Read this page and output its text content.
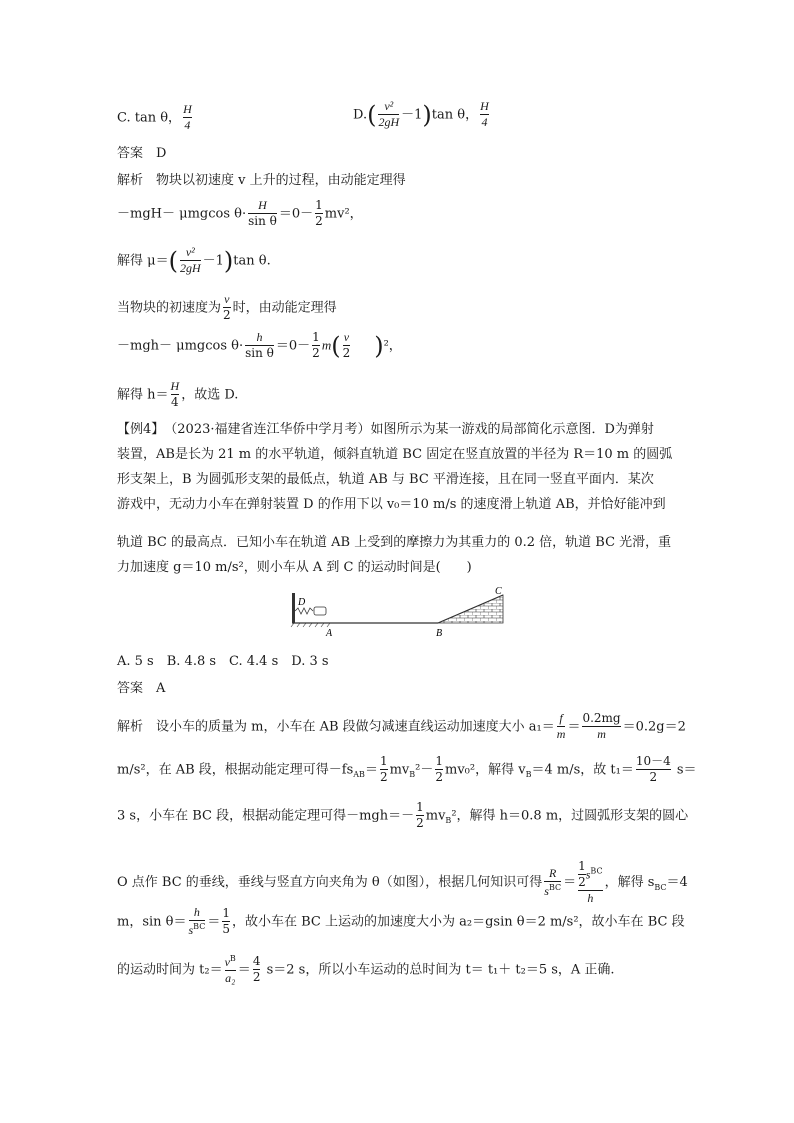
C. tan θ， $\frac{H}{4}$	$D.( \frac{\text{v²}}{2gH} -1)\tan$ θ， $\frac{H}{4}$
答案　D
解析　物块以初速度 v 上升的过程，由动能定理得
－mgH－ μmgcos $\theta\cdot \frac{H}{\text{sin θ}} =0- \frac{1}{2} mv^2$，
解得 $\mu=( \frac{\text{v²}}{2gH} -1)\tan$ θ.
当物块的初速度为 $\frac{v}{2}$ 时，由动能定理得
－mgh－ μmgcos $\theta\cdot \frac{h}{\text{sin θ}} =0- \frac{1}{2} m( \frac{v}{2} )^2$，
解得 $h= \frac{H}{4}$ ，故选 D.
【例4】（2023·福建省连江华侨中学月考）如图所示为某一游戏的局部简化示意图．D为弹射
装置，AB是长为 21 m 的水平轨道，倾斜直轨道 BC 固定在竖直放置的半径为 R＝10 m 的圆弧
形支架上，B 为圆弧形支架的最低点，轨道 AB 与 BC 平滑连接，且在同一竖直平面内．某次
游戏中，无动力小车在弹射装置 D 的作用下以 v₀＝10 m/s 的速度滑上轨道 AB，并恰好能冲到
轨道 BC 的最高点．已知小车在轨道 AB 上受到的摩擦力为其重力的 0.2 倍，轨道 BC 光滑，重
力加速度 g＝10 m/s²，则小车从 A 到 C 的运动时间是(　　)
D
A	B
C
A. 5 s　B. 4.8 s　C. 4.4 s　D. 3 s
答案　A
解析　设小车的质量为 m，小车在 AB 段做匀减速直线运动加速度大小 $a_1= \frac{f}{m} = \frac{0.2mg}{m} =0.2g=2$
m/s²，在 AB 段，根据动能定理可得$-fs_{AB}= \frac{1}{2} mv_B^2- \frac{1}{2} mv_0^2$，解得 $v_B=4$ m/s，故 $t_1= \frac{10-4}{2} s=$
3 s，小车在 BC 段，根据动能定理可得$-mgh=- \frac{1}{2} mv_B^2$，解得 h＝0.8 m，过圆弧形支架的圆心
O 点作 BC 的垂线，垂线与竖直方向夹角为 θ（如图），根据几何知识可得 $\frac{R}{s^{BC}} = \frac{\frac{1}{2} s^{BC}}{h}$ ，解得 $s_{BC}=4$
m，$\sin \theta= \frac{h}{s^{BC}} = \frac{1}{5}$ ，故小车在 BC 上运动的加速度大小为 a₂＝gsin θ＝2 m/s²，故小车在 BC 段
的运动时间为 $t_2= \frac{v^B}{\text{a₂}} = \frac{4}{2} s=2$ s，所以小车运动的总时间为 t＝ t₁＋ t₂＝5 s，A 正确.
